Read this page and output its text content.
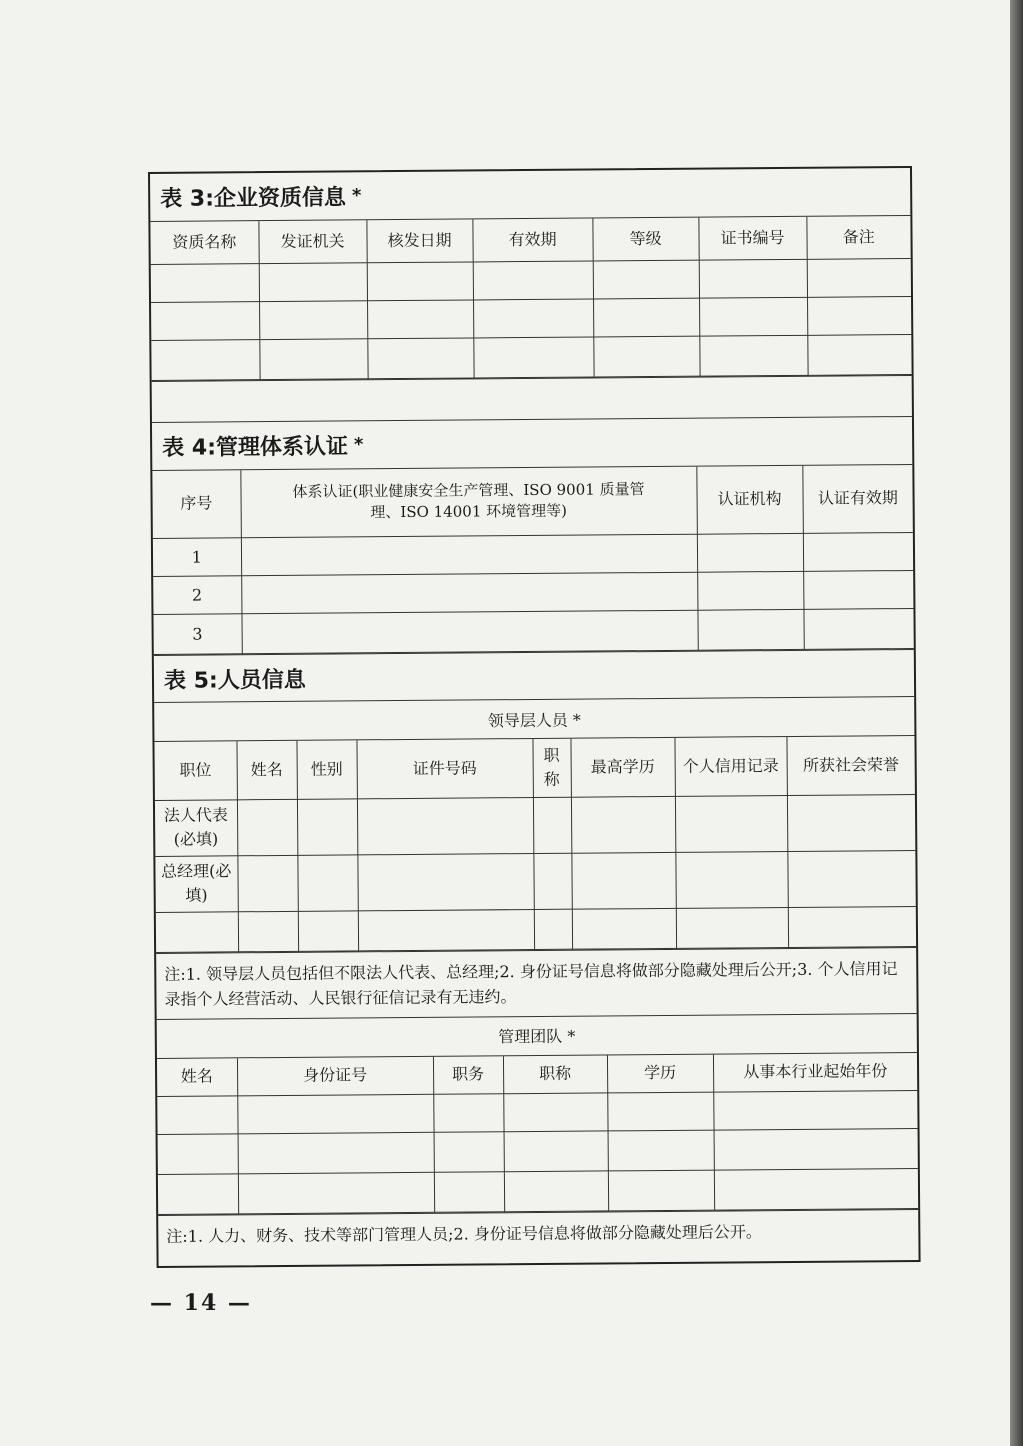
表 3:企业资质信息 *
资质名称	发证机关	核发日期	有效期	等级	证书编号	备注

表 4:管理体系认证 *
序号	体系认证(职业健康安全生产管理、ISO 9001 质量管理、ISO 14001 环境管理等)	认证机构	认证有效期
1			
2			
3			
表 5:人员信息
领导层人员 *
职位	姓名	性别	证件号码	职称	最高学历	个人信用记录	所获社会荣誉
法人代表(必填)							
总经理(必填)							

注:1. 领导层人员包括但不限法人代表、总经理;2. 身份证号信息将做部分隐藏处理后公开;3. 个人信用记录指个人经营活动、人民银行征信记录有无违约。
管理团队 *
姓名	身份证号	职务	职称	学历	从事本行业起始年份

注:1. 人力、财务、技术等部门管理人员;2. 身份证号信息将做部分隐藏处理后公开。
— 14 —
